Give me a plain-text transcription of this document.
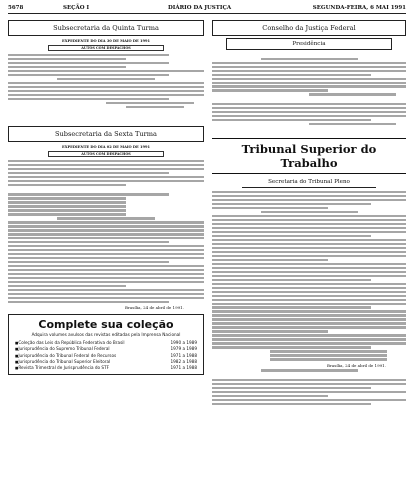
5678	SEÇÃO I	DIÁRIO DA JUSTIÇA	SEGUNDA-FEIRA, 6 MAI 1991
Subsecretaria da Quinta Turma
EXPEDIENTE DO DIA 30 DE MAIO DE 1991
AUTOS COM DESPACHOS
Subsecretaria da Sexta Turma
EXPEDIENTE DO DIA 02 DE MAIO DE 1991
AUTOS COM DESPACHOS
Brasília, 24 de abril de 1991.
Complete sua coleção
Adquira volumes avulsos das revistas editadas pela Imprensa Nacional
■ Coleção das Leis da República Federativa do Brasil	1990 a 1989
■ Jurisprudência do Supremo Tribunal Federal	1979 a 1989
■ Jurisprudência do Tribunal Federal de Recursos	1971 a 1988
■ Jurisprudência do Tribunal Superior Eleitoral	1982 a 1988
■ Revista Trimestral de Jurisprudência do STF	1971 a 1988
Conselho da Justiça Federal
Presidência
Tribunal Superior do Trabalho
Secretaria do Tribunal Pleno
Brasília, 24 de abril de 1991.
